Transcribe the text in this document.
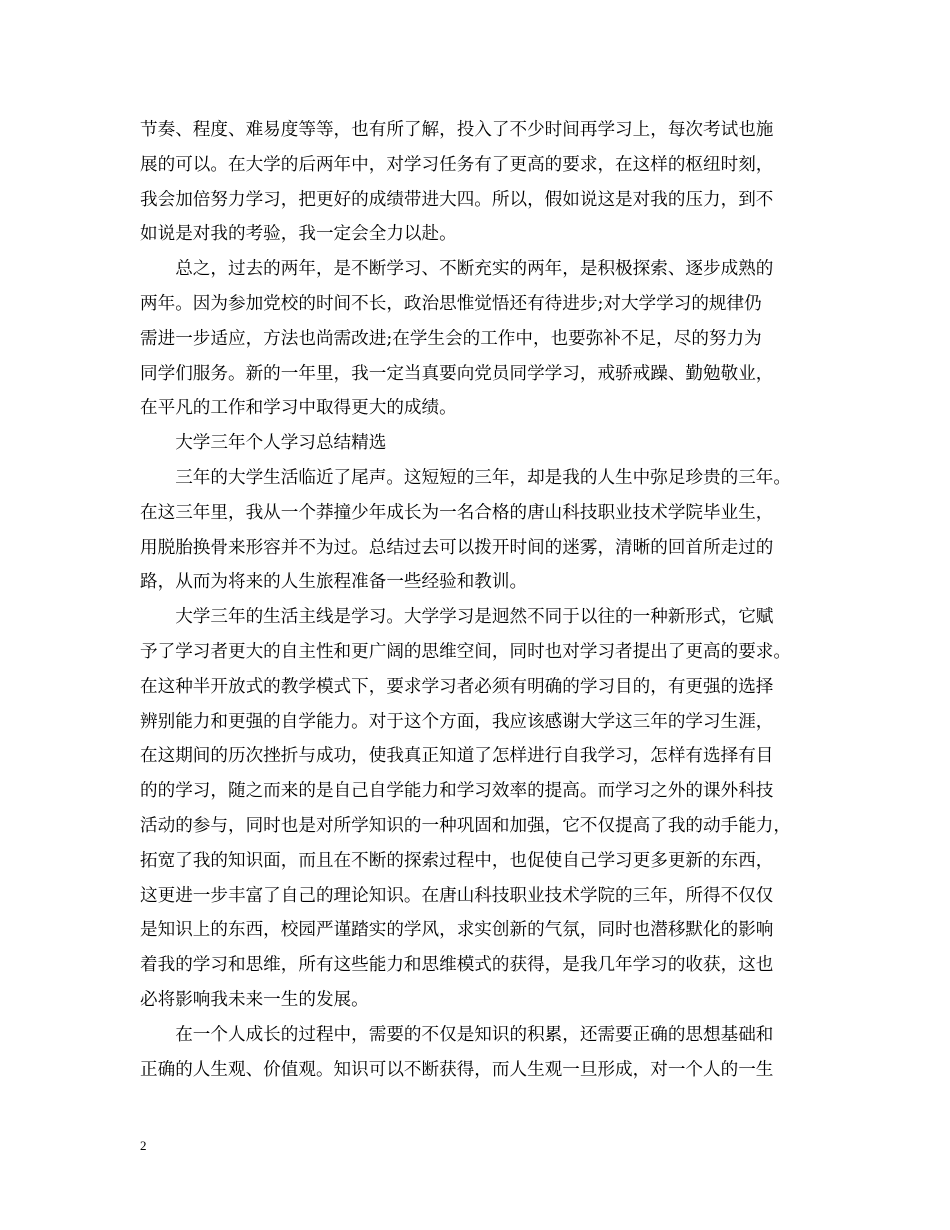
节奏、程度、难易度等等，也有所了解，投入了不少时间再学习上，每次考试也施
展的可以。在大学的后两年中，对学习任务有了更高的要求，在这样的枢纽时刻，
我会加倍努力学习，把更好的成绩带进大四。所以，假如说这是对我的压力，到不
如说是对我的考验，我一定会全力以赴。
　　总之，过去的两年，是不断学习、不断充实的两年，是积极探索、逐步成熟的
两年。因为参加党校的时间不长，政治思惟觉悟还有待进步;对大学学习的规律仍
需进一步适应，方法也尚需改进;在学生会的工作中，也要弥补不足，尽的努力为
同学们服务。新的一年里，我一定当真要向党员同学学习，戒骄戒躁、勤勉敬业，
在平凡的工作和学习中取得更大的成绩。
　　大学三年个人学习总结精选
　　三年的大学生活临近了尾声。这短短的三年，却是我的人生中弥足珍贵的三年。
在这三年里，我从一个莽撞少年成长为一名合格的唐山科技职业技术学院毕业生，
用脱胎换骨来形容并不为过。总结过去可以拨开时间的迷雾，清晰的回首所走过的
路，从而为将来的人生旅程准备一些经验和教训。
　　大学三年的生活主线是学习。大学学习是迥然不同于以往的一种新形式，它赋
予了学习者更大的自主性和更广阔的思维空间，同时也对学习者提出了更高的要求。
在这种半开放式的教学模式下，要求学习者必须有明确的学习目的，有更强的选择
辨别能力和更强的自学能力。对于这个方面，我应该感谢大学这三年的学习生涯，
在这期间的历次挫折与成功，使我真正知道了怎样进行自我学习，怎样有选择有目
的的学习，随之而来的是自己自学能力和学习效率的提高。而学习之外的课外科技
活动的参与，同时也是对所学知识的一种巩固和加强，它不仅提高了我的动手能力，
拓宽了我的知识面，而且在不断的探索过程中，也促使自己学习更多更新的东西，
这更进一步丰富了自己的理论知识。在唐山科技职业技术学院的三年，所得不仅仅
是知识上的东西，校园严谨踏实的学风，求实创新的气氛，同时也潜移默化的影响
着我的学习和思维，所有这些能力和思维模式的获得，是我几年学习的收获，这也
必将影响我未来一生的发展。
　　在一个人成长的过程中，需要的不仅是知识的积累，还需要正确的思想基础和
正确的人生观、价值观。知识可以不断获得，而人生观一旦形成，对一个人的一生
2
